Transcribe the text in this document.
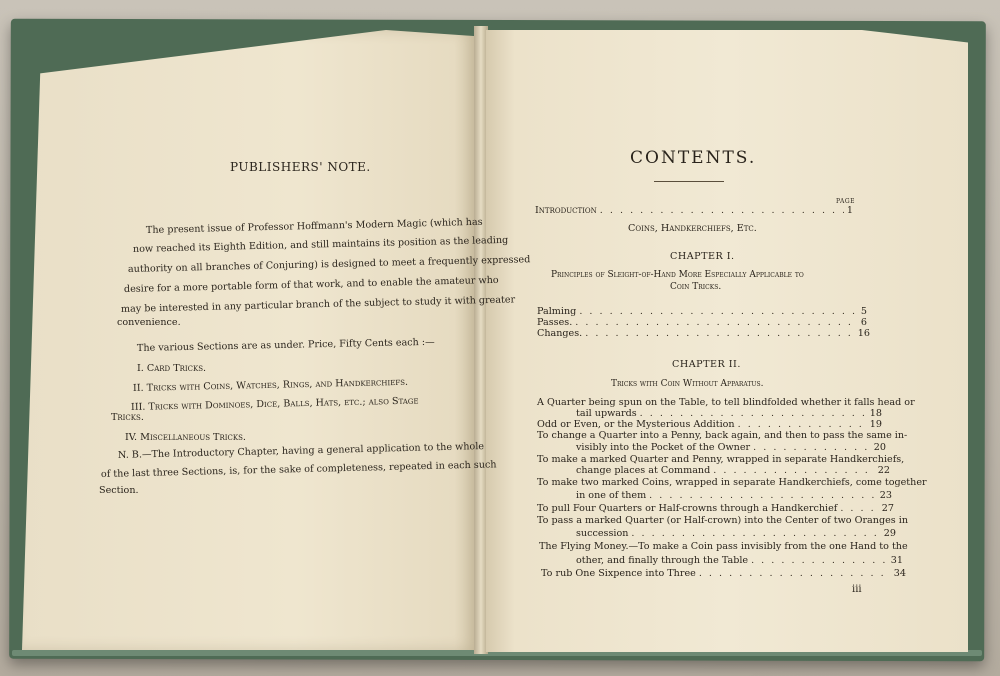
PUBLISHERS' NOTE.
The present issue of Professor Hoffmann's Modern Magic (which has
now reached its Eighth Edition, and still maintains its position as the leading
authority on all branches of Conjuring) is designed to meet a frequently expressed
desire for a more portable form of that work, and to enable the amateur who
may be interested in any particular branch of the subject to study it with greater
convenience.
The various Sections are as under. Price, Fifty Cents each :—
I. Card Tricks.
II. Tricks with Coins, Watches, Rings, and Handkerchiefs.
III. Tricks with Dominoes, Dice, Balls, Hats, etc.; also Stage
Tricks.
IV. Miscellaneous Tricks.
N. B.—The Introductory Chapter, having a general application to the whole
of the last three Sections, is, for the sake of completeness, repeated in each such
Section.
CONTENTS.
PAGE
Introduction . . .	1
Coins, Handkerchiefs, Etc.
CHAPTER I.
Principles of Sleight-of-Hand More Especially Applicable to
Coin Tricks.
Palming . . .	5
Passes. . . .	6
Changes. . . .	16
CHAPTER II.
Tricks with Coin Without Apparatus.
A Quarter being spun on the Table, to tell blindfolded whether it falls head or
tail upwards . . .	18
Odd or Even, or the Mysterious Addition . . .	19
To change a Quarter into a Penny, back again, and then to pass the same in-
visibly into the Pocket of the Owner . . .	20
To make a marked Quarter and Penny, wrapped in separate Handkerchiefs,
change places at Command . . .	22
To make two marked Coins, wrapped in separate Handkerchiefs, come together
in one of them . . .	23
To pull Four Quarters or Half-crowns through a Handkerchief . . .	27
To pass a marked Quarter (or Half-crown) into the Center of two Oranges in
succession . . .	29
The Flying Money.—To make a Coin pass invisibly from the one Hand to the
other, and finally through the Table . . .	31
To rub One Sixpence into Three . . .	34
iii
